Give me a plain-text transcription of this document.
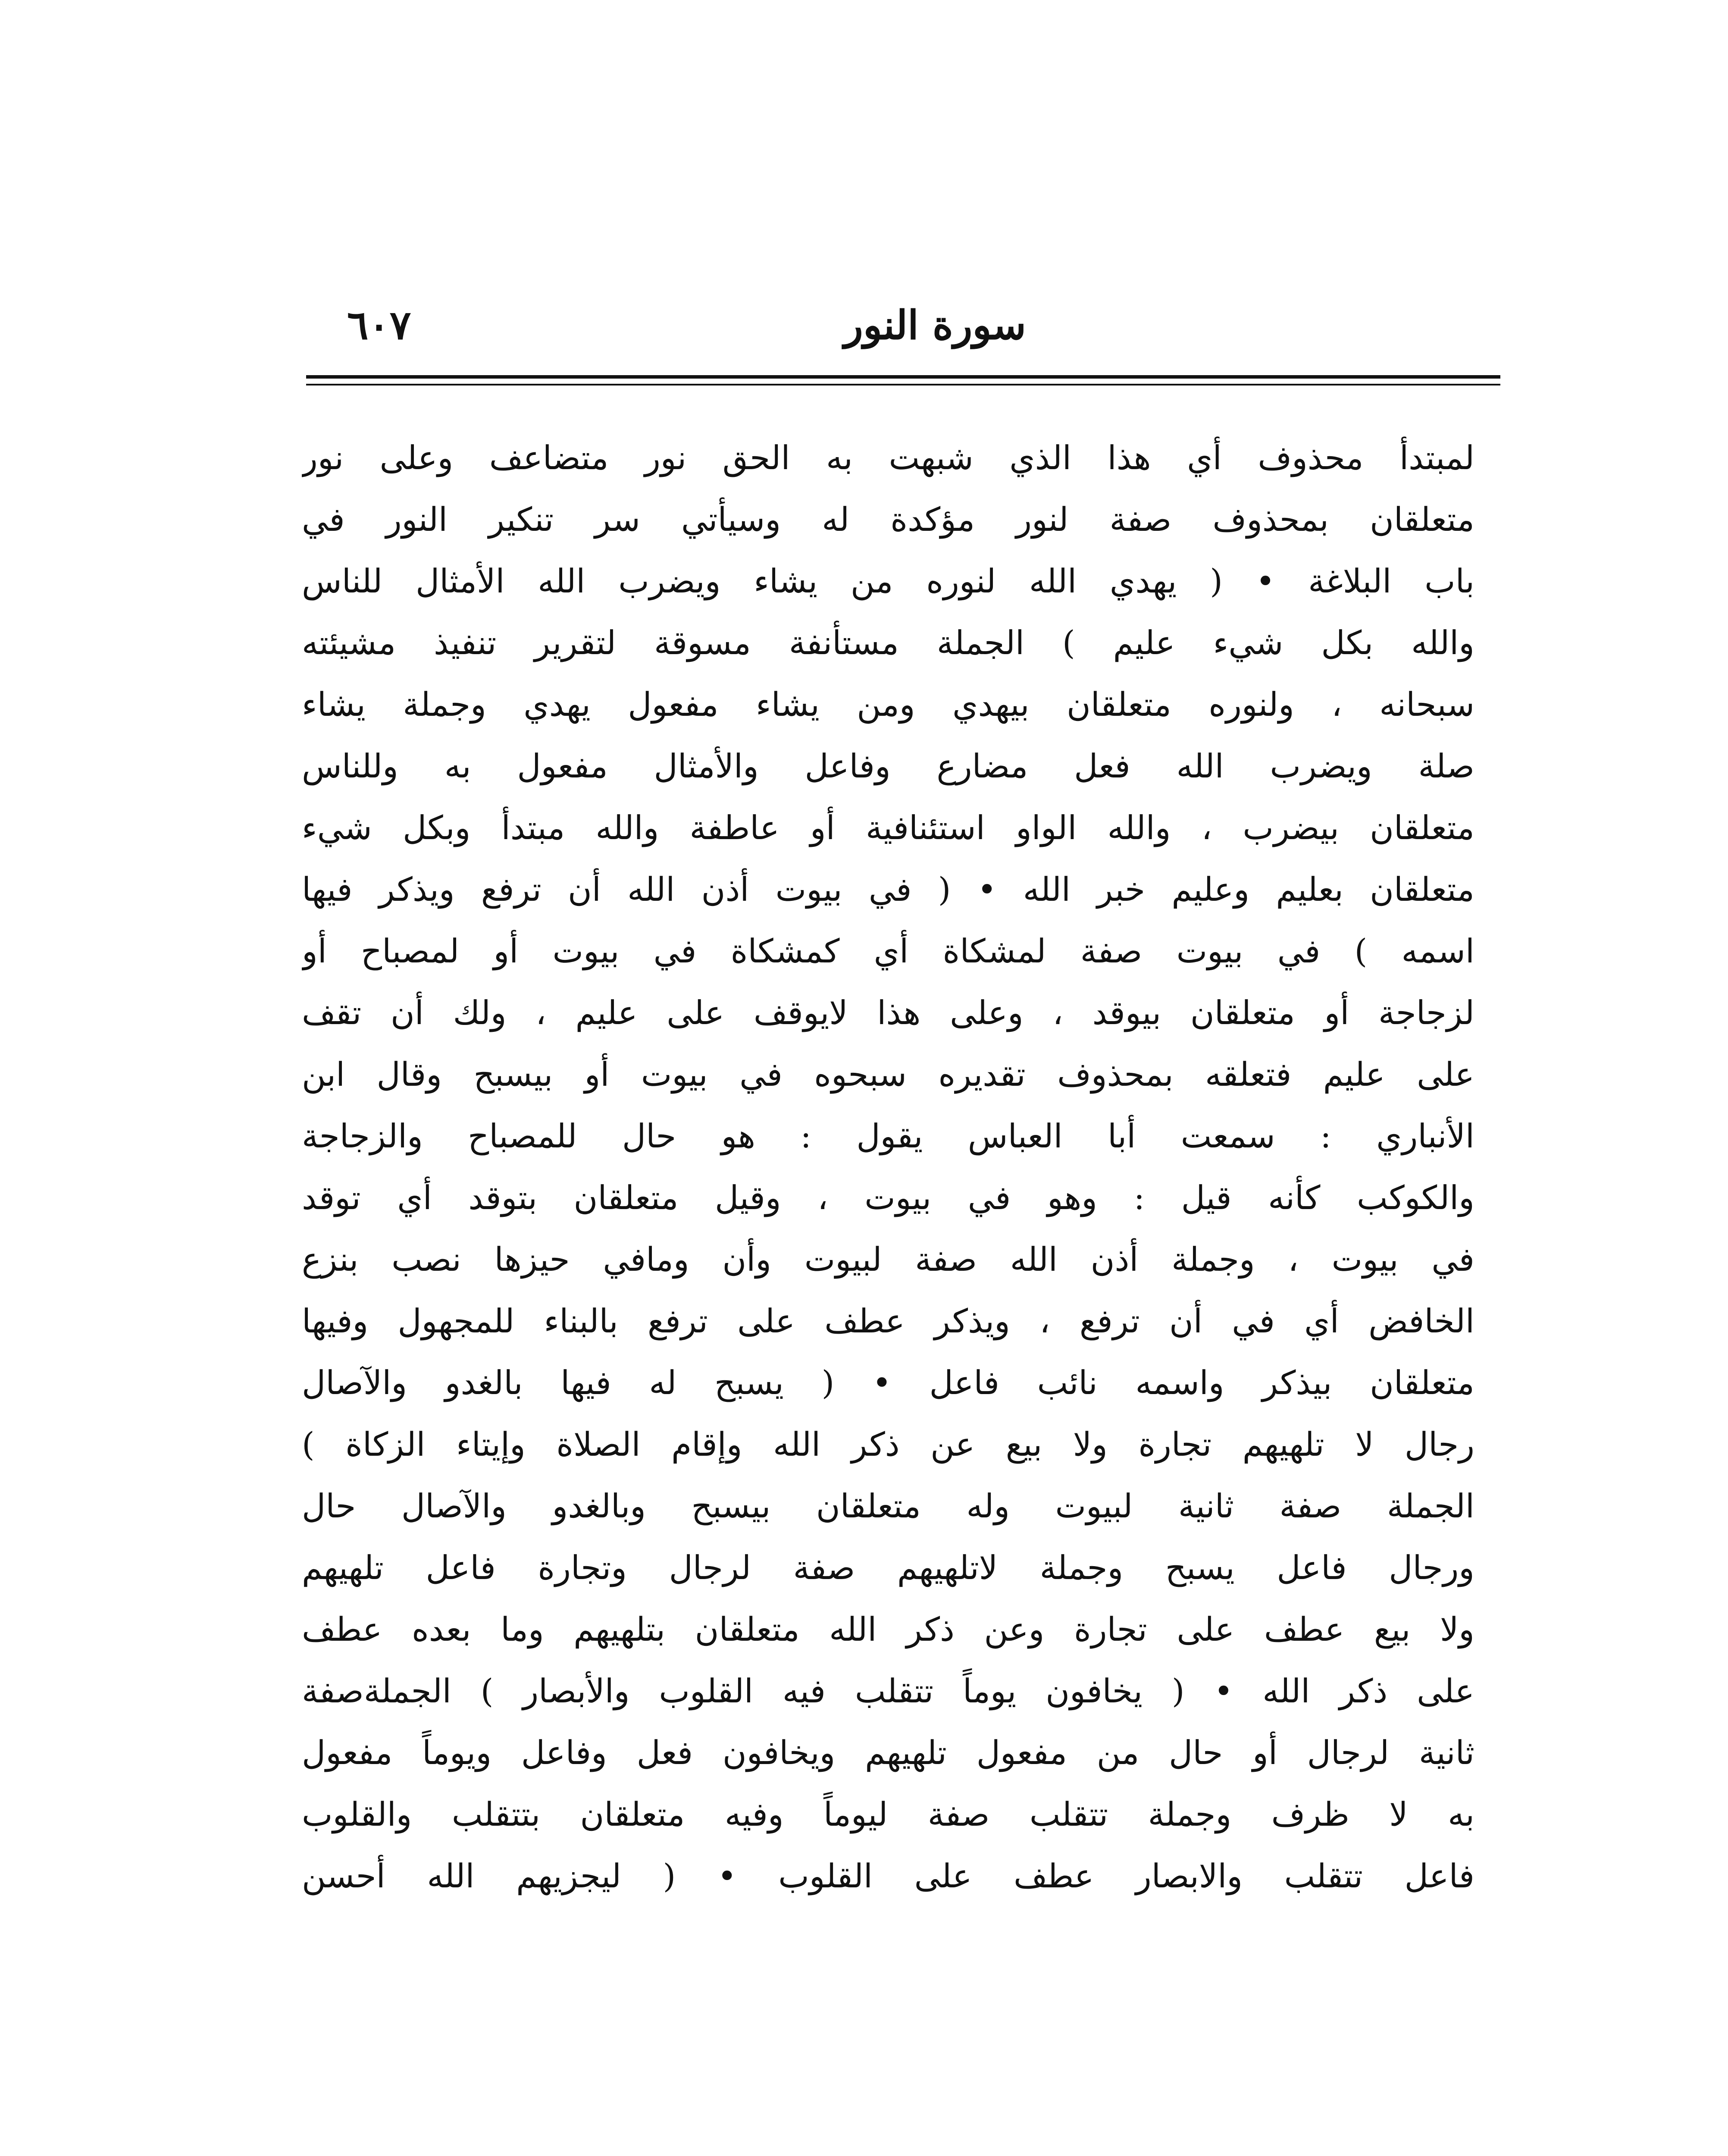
سورة النور
٦٠٧
لمبتدأ محذوف أي هذا الذي شبهت به الحق نور متضاعف وعلى نور
متعلقان بمحذوف صفة لنور مؤكدة له وسيأتي سر تنكير النور في
باب البلاغة • ( يهدي الله لنوره من يشاء ويضرب الله الأمثال للناس
والله بكل شيء عليم ) الجملة مستأنفة مسوقة لتقرير تنفيذ مشيئته
سبحانه ، ولنوره متعلقان بيهدي ومن يشاء مفعول يهدي وجملة يشاء
صلة ويضرب الله فعل مضارع وفاعل والأمثال مفعول به وللناس
متعلقان بيضرب ، والله الواو استئنافية أو عاطفة والله مبتدأ وبكل شيء
متعلقان بعليم وعليم خبر الله • ( في بيوت أذن الله أن ترفع ويذكر فيها
اسمه ) في بيوت صفة لمشكاة أي كمشكاة في بيوت أو لمصباح أو
لزجاجة أو متعلقان بيوقد ، وعلى هذا لايوقف على عليم ، ولك أن تقف
على عليم فتعلقه بمحذوف تقديره سبحوه في بيوت أو بيسبح وقال ابن
الأنباري : سمعت أبا العباس يقول : هو حال للمصباح والزجاجة
والكوكب كأنه قيل : وهو في بيوت ، وقيل متعلقان بتوقد أي توقد
في بيوت ، وجملة أذن الله صفة لبيوت وأن ومافي حيزها نصب بنزع
الخافض أي في أن ترفع ، ويذكر عطف على ترفع بالبناء للمجهول وفيها
متعلقان بيذكر واسمه نائب فاعل • ( يسبح له فيها بالغدو والآصال
رجال لا تلهيهم تجارة ولا بيع عن ذكر الله وإقام الصلاة وإيتاء الزكاة )
الجملة صفة ثانية لبيوت وله متعلقان بيسبح وبالغدو والآصال حال
ورجال فاعل يسبح وجملة لاتلهيهم صفة لرجال وتجارة فاعل تلهيهم
ولا بيع عطف على تجارة وعن ذكر الله متعلقان بتلهيهم وما بعده عطف
على ذكر الله • ( يخافون يوماً تتقلب فيه القلوب والأبصار ) الجملةصفة
ثانية لرجال أو حال من مفعول تلهيهم ويخافون فعل وفاعل ويوماً مفعول
به لا ظرف وجملة تتقلب صفة ليوماً وفيه متعلقان بتتقلب والقلوب
فاعل تتقلب والابصار عطف على القلوب • ( ليجزيهم الله أحسن
